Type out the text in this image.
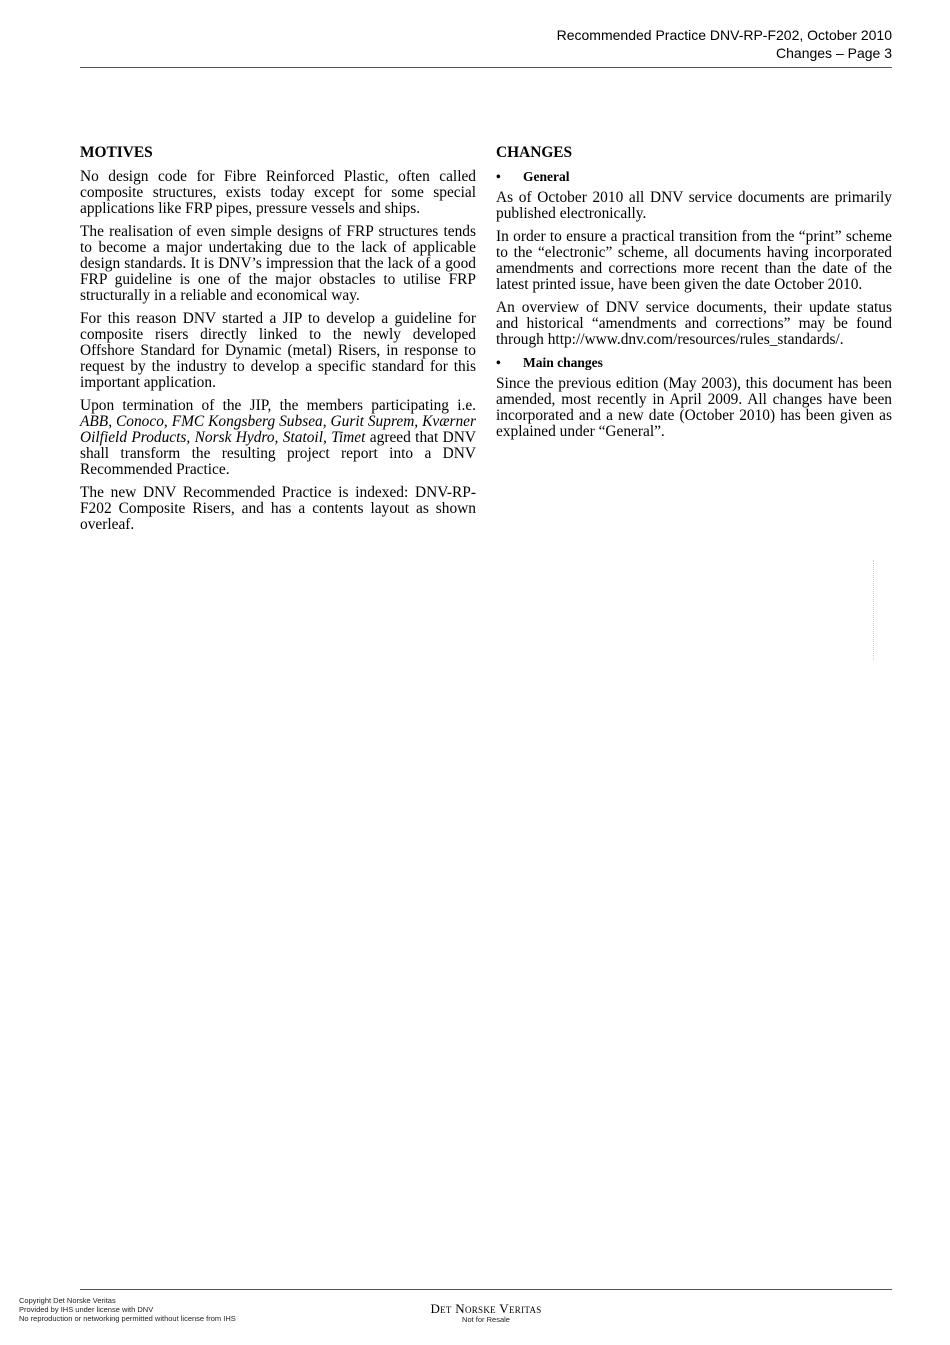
Recommended Practice DNV-RP-F202, October 2010
Changes – Page 3
MOTIVES

No design code for Fibre Reinforced Plastic, often called composite structures, exists today except for some special applications like FRP pipes, pressure vessels and ships.

The realisation of even simple designs of FRP structures tends to become a major undertaking due to the lack of applicable design standards. It is DNV’s impression that the lack of a good FRP guideline is one of the major obstacles to utilise FRP structurally in a reliable and economical way.

For this reason DNV started a JIP to develop a guideline for composite risers directly linked to the newly developed Offshore Standard for Dynamic (metal) Risers, in response to request by the industry to develop a specific standard for this important application.

Upon termination of the JIP, the members participating i.e. ABB, Conoco, FMC Kongsberg Subsea, Gurit Suprem, Kværner Oilfield Products, Norsk Hydro, Statoil, Timet agreed that DNV shall transform the resulting project report into a DNV Recommended Practice.

The new DNV Recommended Practice is indexed: DNV-RP-F202 Composite Risers, and has a contents layout as shown overleaf.

CHANGES
•	General

As of October 2010 all DNV service documents are primarily published electronically.

In order to ensure a practical transition from the “print” scheme to the “electronic” scheme, all documents having incorporated amendments and corrections more recent than the date of the latest printed issue, have been given the date October 2010.

An overview of DNV service documents, their update status and historical “amendments and corrections” may be found through http://www.dnv.com/resources/rules_standards/.

•	Main changes

Since the previous edition (May 2003), this document has been amended, most recently in April 2009. All changes have been incorporated and a new date (October 2010) has been given as explained under “General”.

Copyright Det Norske Veritas
Provided by IHS under license with DNV
No reproduction or networking permitted without license from IHS
Det Norske Veritas
Not for Resale
